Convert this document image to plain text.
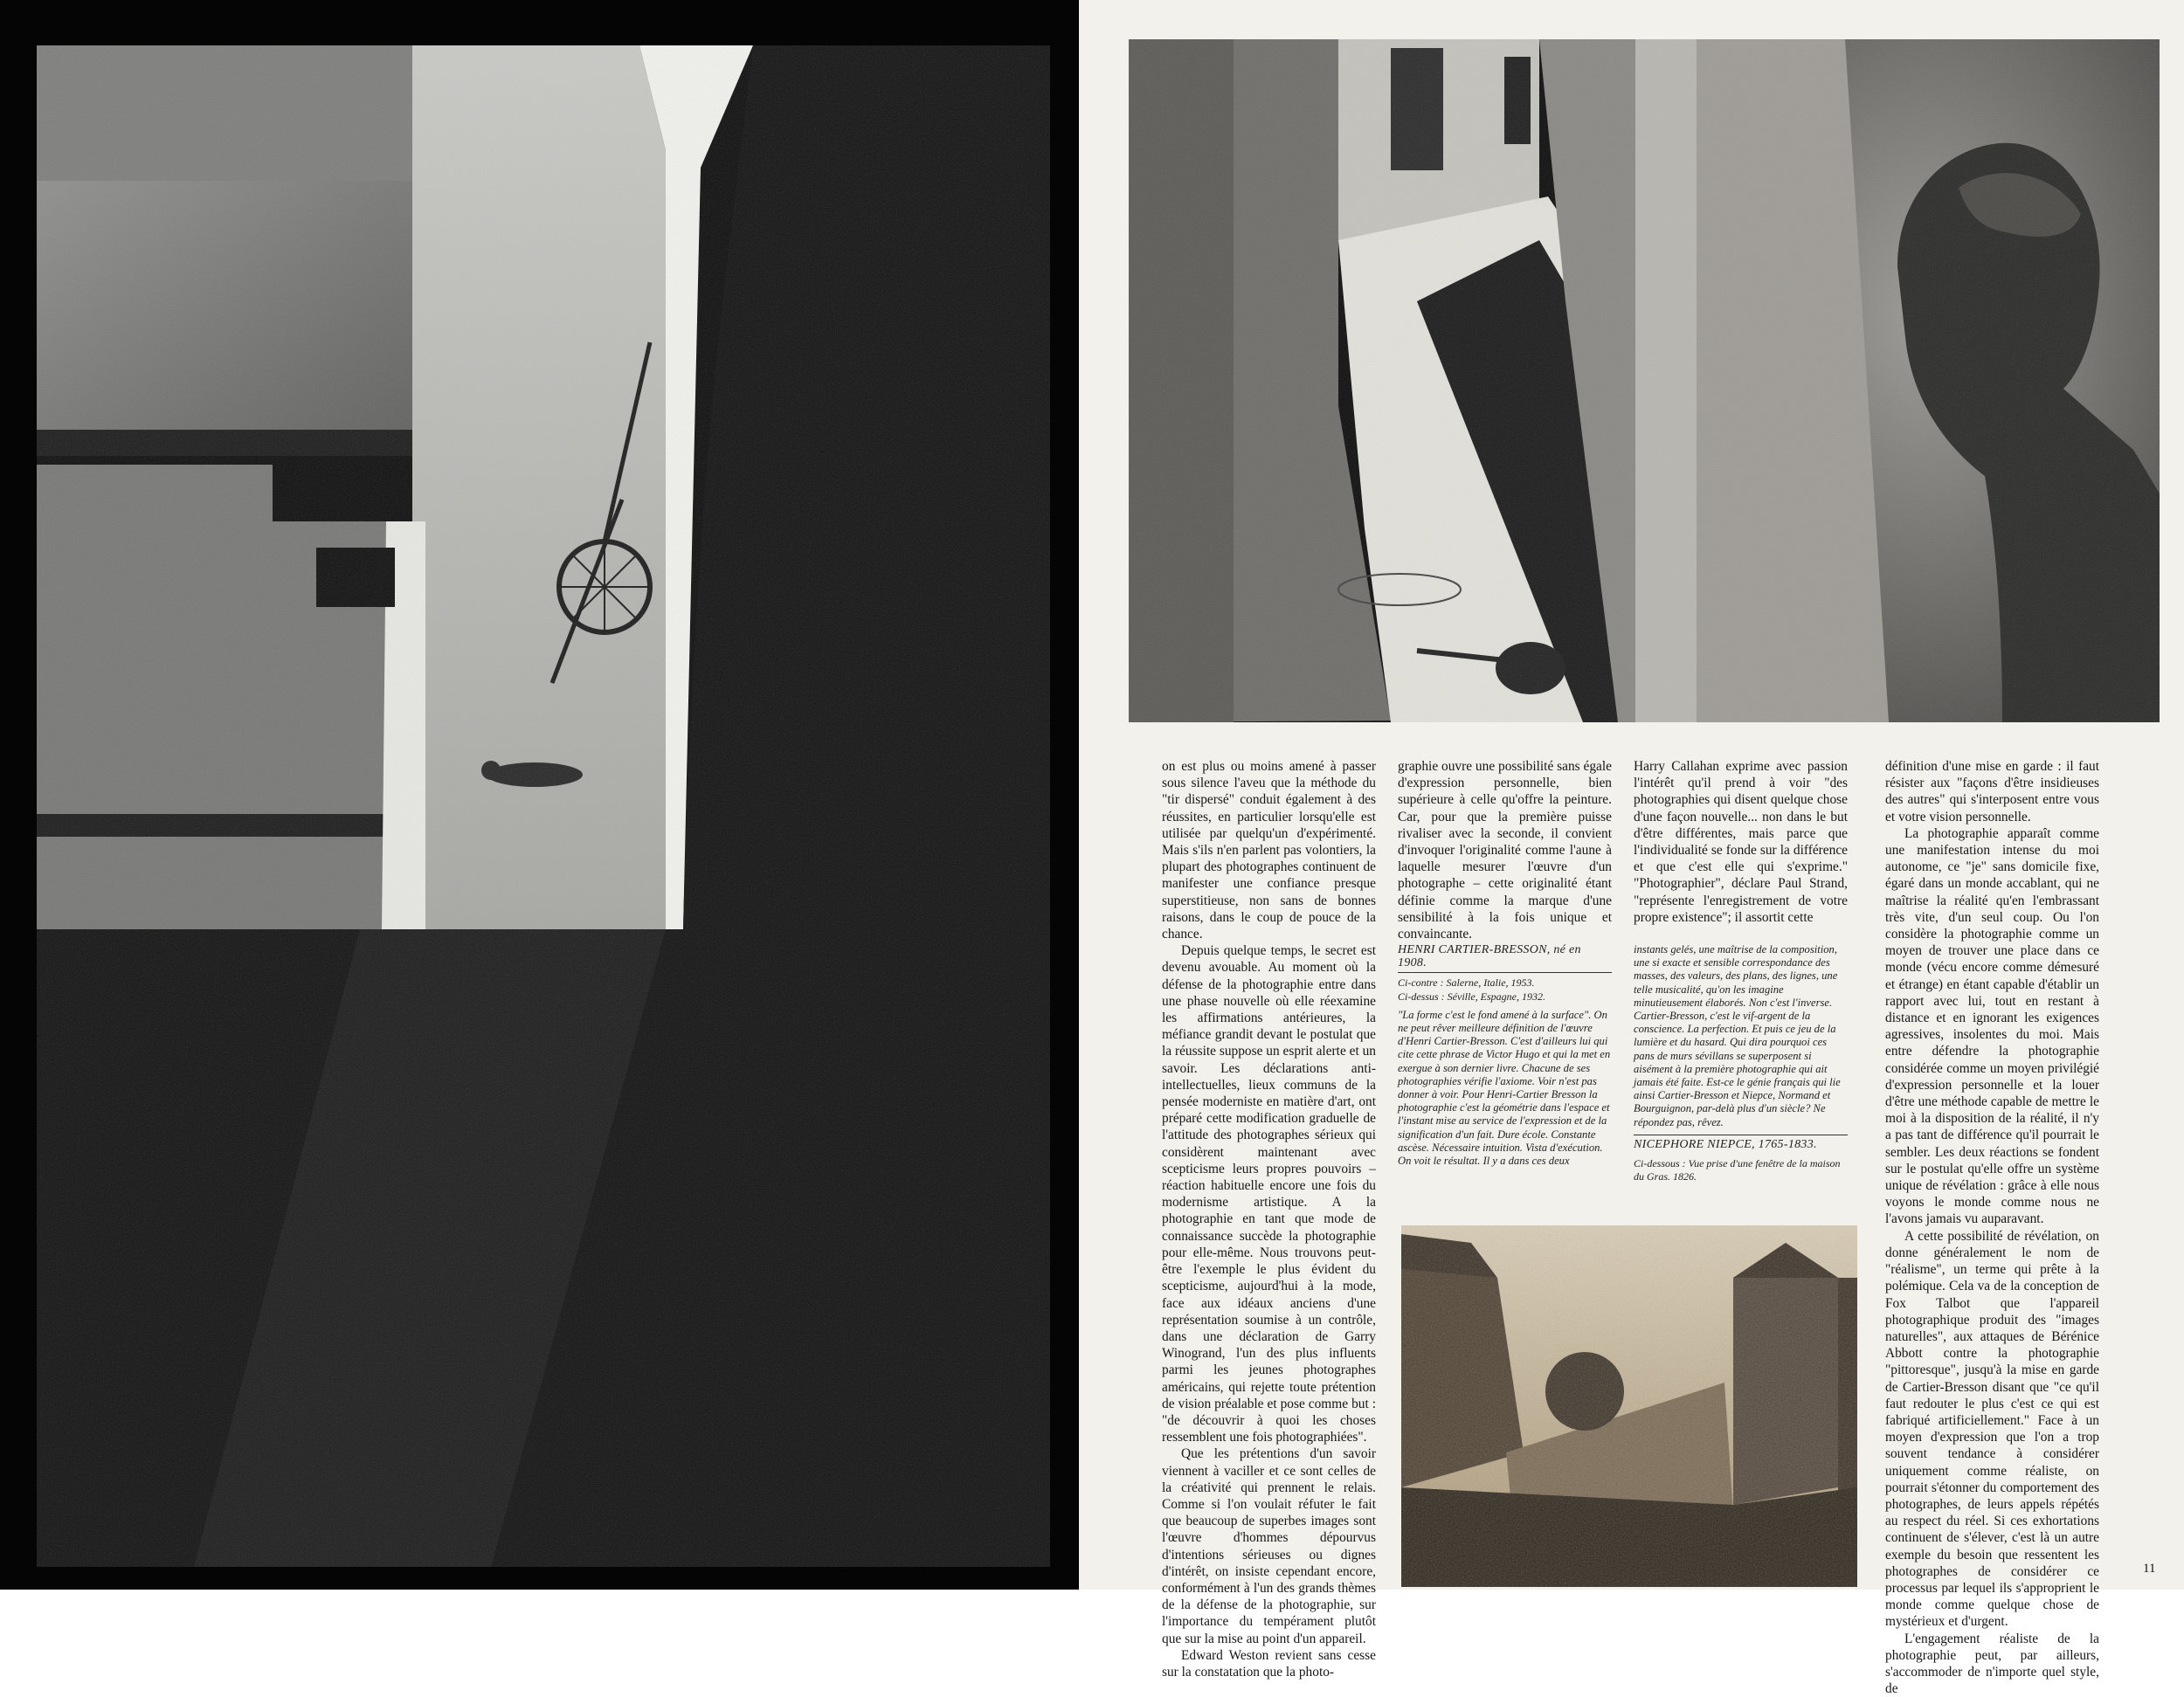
on est plus ou moins amené à passer sous silence l'aveu que la méthode du "tir dispersé" conduit également à des réussites, en particulier lorsqu'elle est utilisée par quelqu'un d'expérimenté. Mais s'ils n'en parlent pas volontiers, la plupart des photographes continuent de manifester une confiance presque superstitieuse, non sans de bonnes raisons, dans le coup de pouce de la chance.

Depuis quelque temps, le secret est devenu avouable. Au moment où la défense de la photographie entre dans une phase nouvelle où elle réexamine les affirmations antérieures, la méfiance grandit devant le postulat que la réussite suppose un esprit alerte et un savoir. Les déclarations anti-intellectuelles, lieux communs de la pensée moderniste en matière d'art, ont préparé cette modification graduelle de l'attitude des photographes sérieux qui considèrent maintenant avec scepticisme leurs propres pouvoirs – réaction habituelle encore une fois du modernisme artistique. A la photographie en tant que mode de connaissance succède la photographie pour elle-même. Nous trouvons peut-être l'exemple le plus évident du scepticisme, aujourd'hui à la mode, face aux idéaux anciens d'une représentation soumise à un contrôle, dans une déclaration de Garry Winogrand, l'un des plus influents parmi les jeunes photographes américains, qui rejette toute prétention de vision préalable et pose comme but : "de découvrir à quoi les choses ressemblent une fois photographiées".

Que les prétentions d'un savoir viennent à vaciller et ce sont celles de la créativité qui prennent le relais. Comme si l'on voulait réfuter le fait que beaucoup de superbes images sont l'œuvre d'hommes dépourvus d'intentions sérieuses ou dignes d'intérêt, on insiste cependant encore, conformément à l'un des grands thèmes de la défense de la photographie, sur l'importance du tempérament plutôt que sur la mise au point d'un appareil.

Edward Weston revient sans cesse sur la constatation que la photo-

graphie ouvre une possibilité sans égale d'expression personnelle, bien supérieure à celle qu'offre la peinture. Car, pour que la première puisse rivaliser avec la seconde, il convient d'invoquer l'originalité comme l'aune à laquelle mesurer l'œuvre d'un photographe – cette originalité étant définie comme la marque d'une sensibilité à la fois unique et convaincante.

Harry Callahan exprime avec passion l'intérêt qu'il prend à voir "des photographies qui disent quelque chose d'une façon nouvelle... non dans le but d'être différentes, mais parce que l'individualité se fonde sur la différence et que c'est elle qui s'exprime." "Photographier", déclare Paul Strand, "représente l'enregistrement de votre propre existence"; il assortit cette

définition d'une mise en garde : il faut résister aux "façons d'être insidieuses des autres" qui s'interposent entre vous et votre vision personnelle.

La photographie apparaît comme une manifestation intense du moi autonome, ce "je" sans domicile fixe, égaré dans un monde accablant, qui ne maîtrise la réalité qu'en l'embrassant très vite, d'un seul coup. Ou l'on considère la photographie comme un moyen de trouver une place dans ce monde (vécu encore comme démesuré et étrange) en étant capable d'établir un rapport avec lui, tout en restant à distance et en ignorant les exigences agressives, insolentes du moi. Mais entre défendre la photographie considérée comme un moyen privilégié d'expression personnelle et la louer d'être une méthode capable de mettre le moi à la disposition de la réalité, il n'y a pas tant de différence qu'il pourrait le sembler. Les deux réactions se fondent sur le postulat qu'elle offre un système unique de révélation : grâce à elle nous voyons le monde comme nous ne l'avons jamais vu auparavant.

A cette possibilité de révélation, on donne généralement le nom de "réalisme", un terme qui prête à la polémique. Cela va de la conception de Fox Talbot que l'appareil photographique produit des "images naturelles", aux attaques de Bérénice Abbott contre la photographie "pittoresque", jusqu'à la mise en garde de Cartier-Bresson disant que "ce qu'il faut redouter le plus c'est ce qui est fabriqué artificiellement." Face à un moyen d'expression que l'on a trop souvent tendance à considérer uniquement comme réaliste, on pourrait s'étonner du comportement des photographes, de leurs appels répétés au respect du réel. Si ces exhortations continuent de s'élever, c'est là un autre exemple du besoin que ressentent les photographes de considérer ce processus par lequel ils s'approprient le monde comme quelque chose de mystérieux et d'urgent.

L'engagement réaliste de la photographie peut, par ailleurs, s'accommoder de n'importe quel style, de

HENRI CARTIER-BRESSON, né en 1908.

Ci-contre : Salerne, Italie, 1953.

Ci-dessus : Séville, Espagne, 1932.

"La forme c'est le fond amené à la surface". On ne peut rêver meilleure définition de l'œuvre d'Henri Cartier-Bresson. C'est d'ailleurs lui qui cite cette phrase de Victor Hugo et qui la met en exergue à son dernier livre. Chacune de ses photographies vérifie l'axiome. Voir n'est pas donner à voir. Pour Henri-Cartier Bresson la photographie c'est la géométrie dans l'espace et l'instant mise au service de l'expression et de la signification d'un fait. Dure école. Constante ascèse. Nécessaire intuition. Vista d'exécution. On voit le résultat. Il y a dans ces deux

instants gelés, une maîtrise de la composition, une si exacte et sensible correspondance des masses, des valeurs, des plans, des lignes, une telle musicalité, qu'on les imagine minutieusement élaborés. Non c'est l'inverse. Cartier-Bresson, c'est le vif-argent de la conscience. La perfection. Et puis ce jeu de la lumière et du hasard. Qui dira pourquoi ces pans de murs sévillans se superposent si aisément à la première photographie qui ait jamais été faite. Est-ce le génie français qui lie ainsi Cartier-Bresson et Niepce, Normand et Bourguignon, par-delà plus d'un siècle? Ne répondez pas, rêvez.

NICEPHORE NIEPCE, 1765-1833.

Ci-dessous : Vue prise d'une fenêtre de la maison du Gras. 1826.

11
